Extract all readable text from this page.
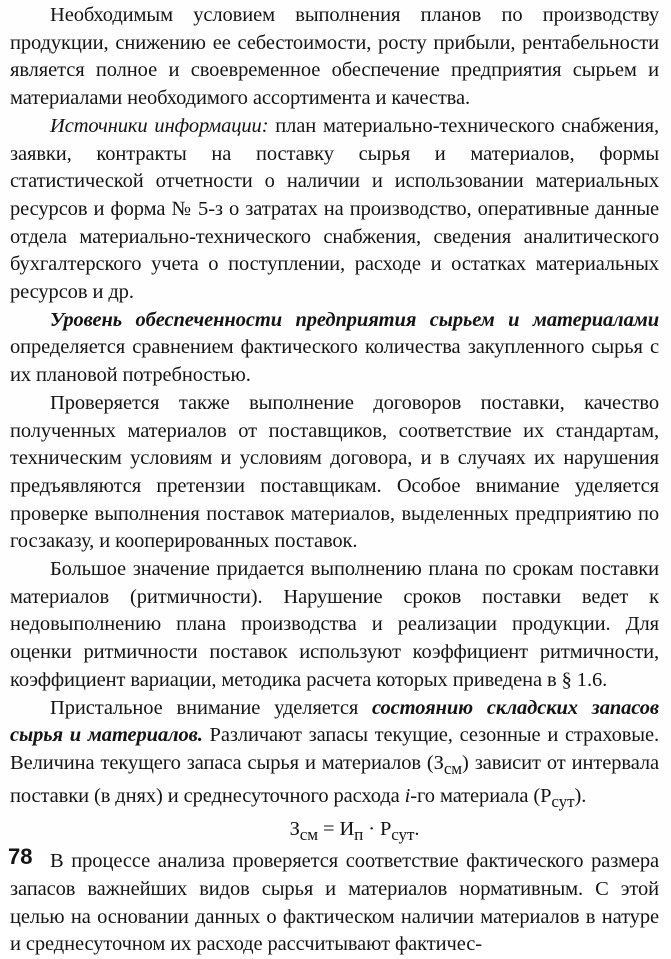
Необходимым условием выполнения планов по производству продукции, снижению ее себестоимости, росту прибыли, рентабельности является полное и своевременное обеспечение предприятия сырьем и материалами необходимого ассортимента и качества.

Источники информации: план материально-технического снабжения, заявки, контракты на поставку сырья и материалов, формы статистической отчетности о наличии и использовании материальных ресурсов и форма № 5-з о затратах на производство, оперативные данные отдела материально-технического снабжения, сведения аналитического бухгалтерского учета о поступлении, расходе и остатках материальных ресурсов и др.

Уровень обеспеченности предприятия сырьем и материалами определяется сравнением фактического количества закупленного сырья с их плановой потребностью.

Проверяется также выполнение договоров поставки, качество полученных материалов от поставщиков, соответствие их стандартам, техническим условиям и условиям договора, и в случаях их нарушения предъявляются претензии поставщикам. Особое внимание уделяется проверке выполнения поставок материалов, выделенных предприятию по госзаказу, и кооперированных поставок.

Большое значение придается выполнению плана по срокам поставки материалов (ритмичности). Нарушение сроков поставки ведет к недовыполнению плана производства и реализации продукции. Для оценки ритмичности поставок используют коэффициент ритмичности, коэффициент вариации, методика расчета которых приведена в § 1.6.

Пристальное внимание уделяется состоянию складских запасов сырья и материалов. Различают запасы текущие, сезонные и страховые. Величина текущего запаса сырья и материалов $(З_{см})$ зависит от интервала поставки (в днях) и среднесуточного расхода i-го материала $(Р_{сут})$.

$З_{см} = И_п \cdot Р_{сут}$.

В процессе анализа проверяется соответствие фактического размера запасов важнейших видов сырья и материалов нормативным. С этой целью на основании данных о фактическом наличии материалов в натуре и среднесуточном их расходе рассчитывают фактичес-

78
